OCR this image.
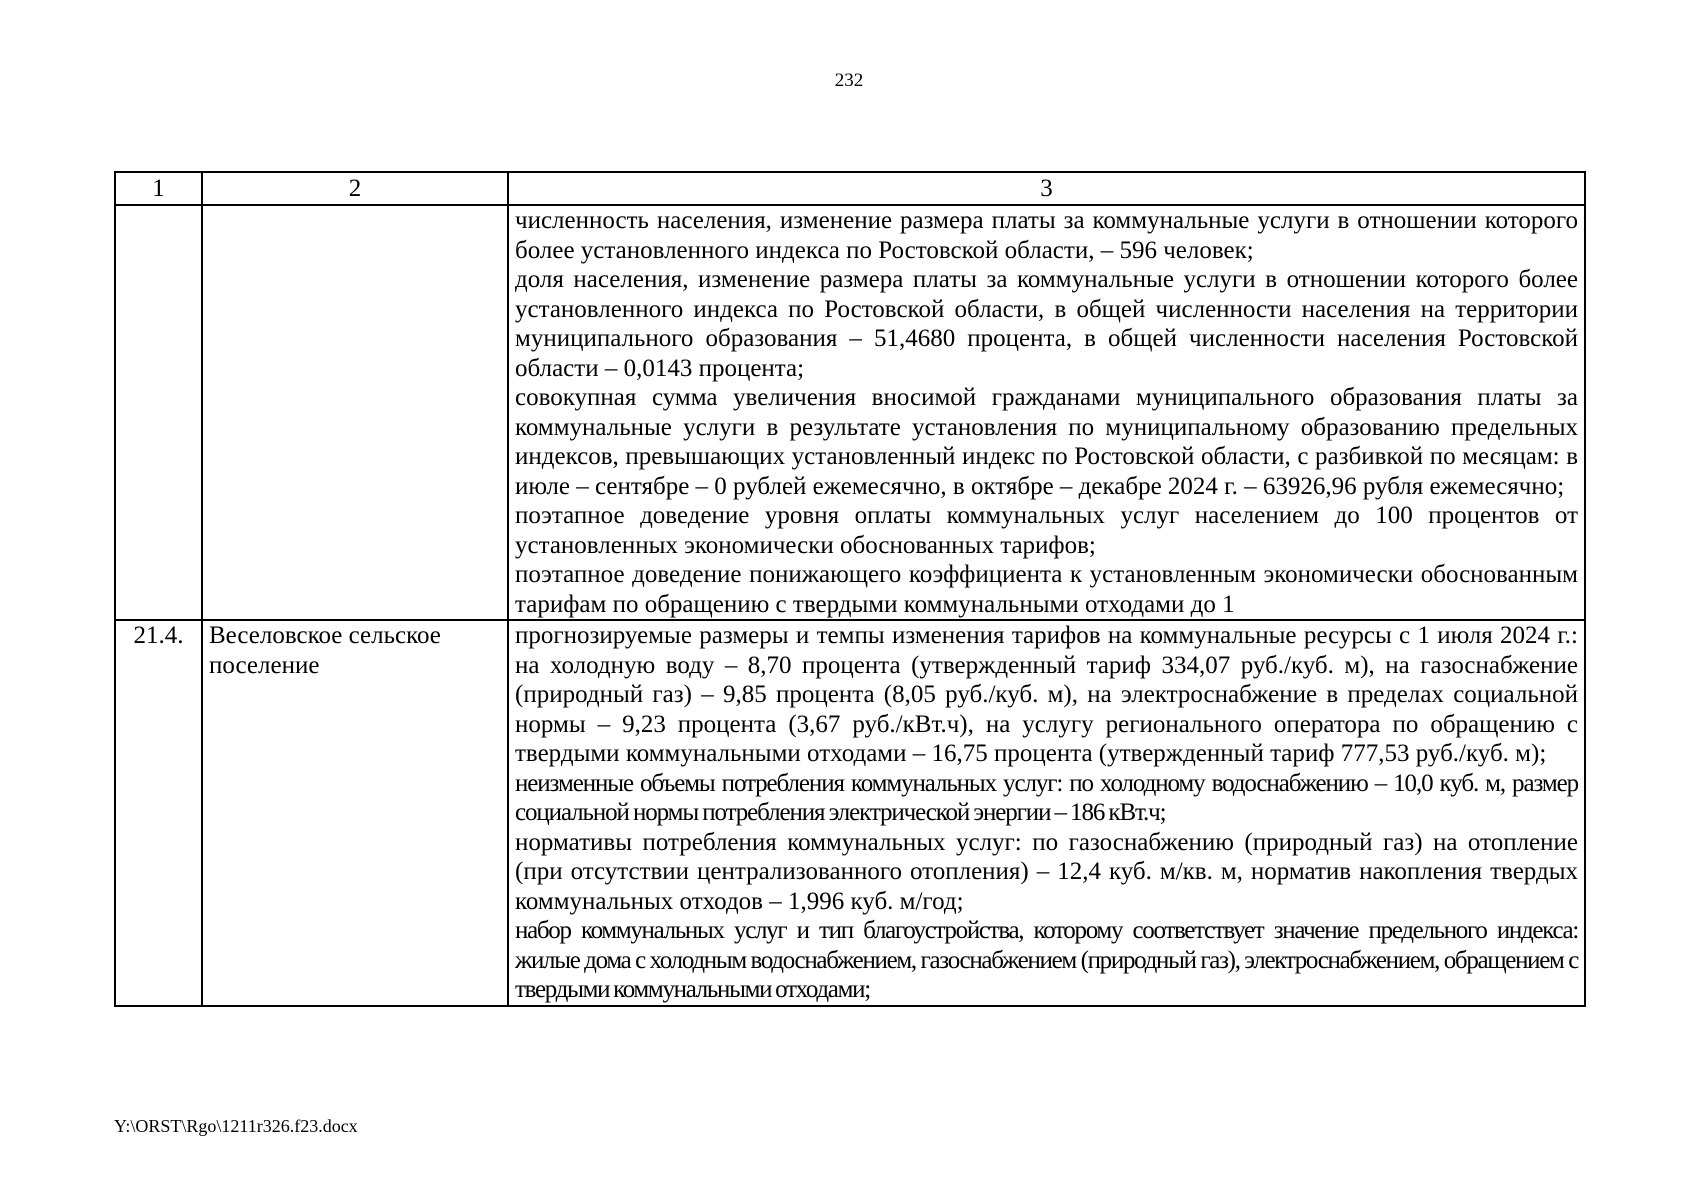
232
1	2	3

		численность населения, изменение размера платы за коммунальные услуги в отношении которого более установленного индекса по Ростовской области, – 596 человек;
доля населения, изменение размера платы за коммунальные услуги в отношении которого более установленного индекса по Ростовской области, в общей численности населения на территории муниципального образования – 51,4680 процента, в общей численности населения Ростовской области – 0,0143 процента;
совокупная сумма увеличения вносимой гражданами муниципального образования платы за коммунальные услуги в результате установления по муниципальному образованию предельных индексов, превышающих установленный индекс по Ростовской области, с разбивкой по месяцам: в июле – сентябре – 0 рублей ежемесячно, в октябре – декабре 2024 г. – 63926,96 рубля ежемесячно;
поэтапное доведение уровня оплаты коммунальных услуг населением до 100 процентов от установленных экономически обоснованных тарифов;
поэтапное доведение понижающего коэффициента к установленным экономически обоснованным тарифам по обращению с твердыми коммунальными отходами до 1

21.4.	Веселовское сельское поселение	прогнозируемые размеры и темпы изменения тарифов на коммунальные ресурсы с 1 июля 2024 г.: на холодную воду – 8,70 процента (утвержденный тариф 334,07 руб./куб. м), на газоснабжение (природный газ) – 9,85 процента (8,05 руб./куб. м), на электроснабжение в пределах социальной нормы – 9,23 процента (3,67 руб./кВт.ч), на услугу регионального оператора по обращению с твердыми коммунальными отходами – 16,75 процента (утвержденный тариф 777,53 руб./куб. м);
неизменные объемы потребления коммунальных услуг: по холодному водоснабжению – 10,0 куб. м, размер социальной нормы потребления электрической энергии – 186 кВт.ч;
нормативы потребления коммунальных услуг: по газоснабжению (природный газ) на отопление (при отсутствии централизованного отопления) – 12,4 куб. м/кв. м, норматив накопления твердых коммунальных отходов – 1,996 куб. м/год;
набор коммунальных услуг и тип благоустройства, которому соответствует значение предельного индекса: жилые дома с холодным водоснабжением, газоснабжением (природный газ), электроснабжением, обращением с твердыми коммунальными отходами;
Y:\ORST\Rgo\1211r326.f23.docx
